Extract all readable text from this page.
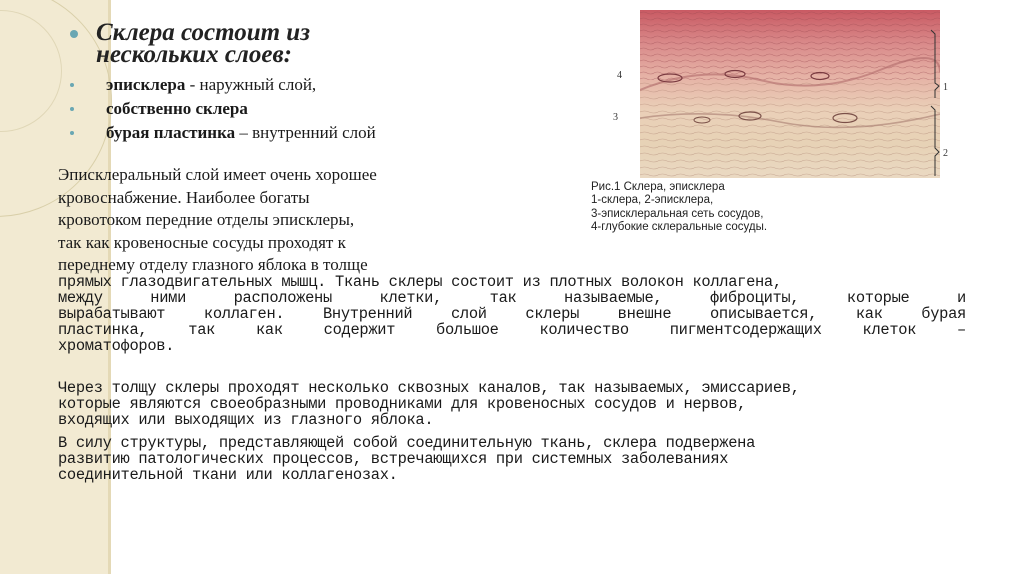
Склера состоит из
нескольких слоев:
эписклера - наружный слой,
собственно склера
бурая пластинка – внутренний слой
Эписклеральный слой имеет очень хорошее
кровоснабжение. Наиболее богаты
кровотоком передние отделы эписклеры,
так как кровеносные сосуды проходят к
переднему отделу глазного яблока в толще
прямых глазодвигательных мышц. Ткань склеры состоит из плотных волокон коллагена,
между ними расположены клетки, так называемые, фиброциты, которые и
вырабатывают коллаген. Внутренний слой склеры внешне описывается, как бурая
пластинка, так как содержит большое количество пигментсодержащих клеток –
хроматофоров.
Через толщу склеры проходят несколько сквозных каналов, так называемых, эмиссариев,
которые являются своеобразными проводниками для кровеносных сосудов и нервов,
входящих или выходящих из глазного яблока.
В силу структуры, представляющей собой соединительную ткань, склера подвержена
развитию патологических процессов, встречающихся при системных заболеваниях
соединительной ткани или коллагенозах.
1
2
3
4
Рис.1 Склера, эписклера
1-склера, 2-эписклера,
3-эписклеральная сеть сосудов,
4-глубокие склеральные сосуды.
